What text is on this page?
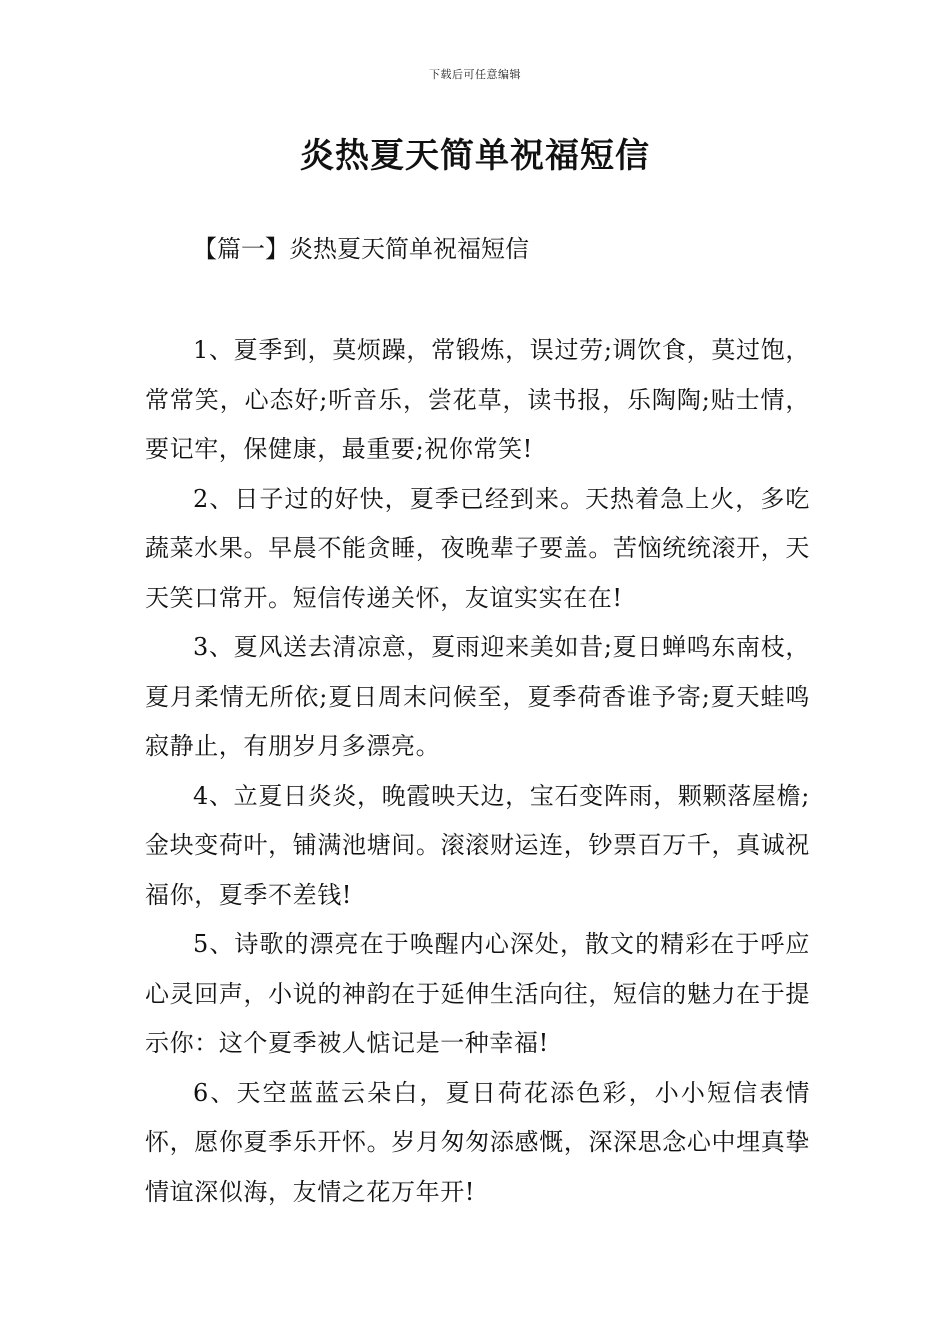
下载后可任意编辑
炎热夏天简单祝福短信
【篇一】炎热夏天简单祝福短信

1、夏季到，莫烦躁，常锻炼，误过劳;调饮食，莫过饱，常常笑，心态好;听音乐，尝花草，读书报，乐陶陶;贴士情，要记牢，保健康，最重要;祝你常笑!

2、日子过的好快，夏季已经到来。天热着急上火，多吃蔬菜水果。早晨不能贪睡，夜晚辈子要盖。苦恼统统滚开，天天笑口常开。短信传递关怀，友谊实实在在!

3、夏风送去清凉意，夏雨迎来美如昔;夏日蝉鸣东南枝，夏月柔情无所依;夏日周末问候至，夏季荷香谁予寄;夏天蛙鸣寂静止，有朋岁月多漂亮。

4、立夏日炎炎，晚霞映天边，宝石变阵雨，颗颗落屋檐;金块变荷叶，铺满池塘间。滚滚财运连，钞票百万千，真诚祝福你，夏季不差钱!

5、诗歌的漂亮在于唤醒内心深处，散文的精彩在于呼应心灵回声，小说的神韵在于延伸生活向往，短信的魅力在于提示你：这个夏季被人惦记是一种幸福!

6、天空蓝蓝云朵白，夏日荷花添色彩，小小短信表情怀，愿你夏季乐开怀。岁月匆匆添感慨，深深思念心中埋真挚情谊深似海，友情之花万年开!
